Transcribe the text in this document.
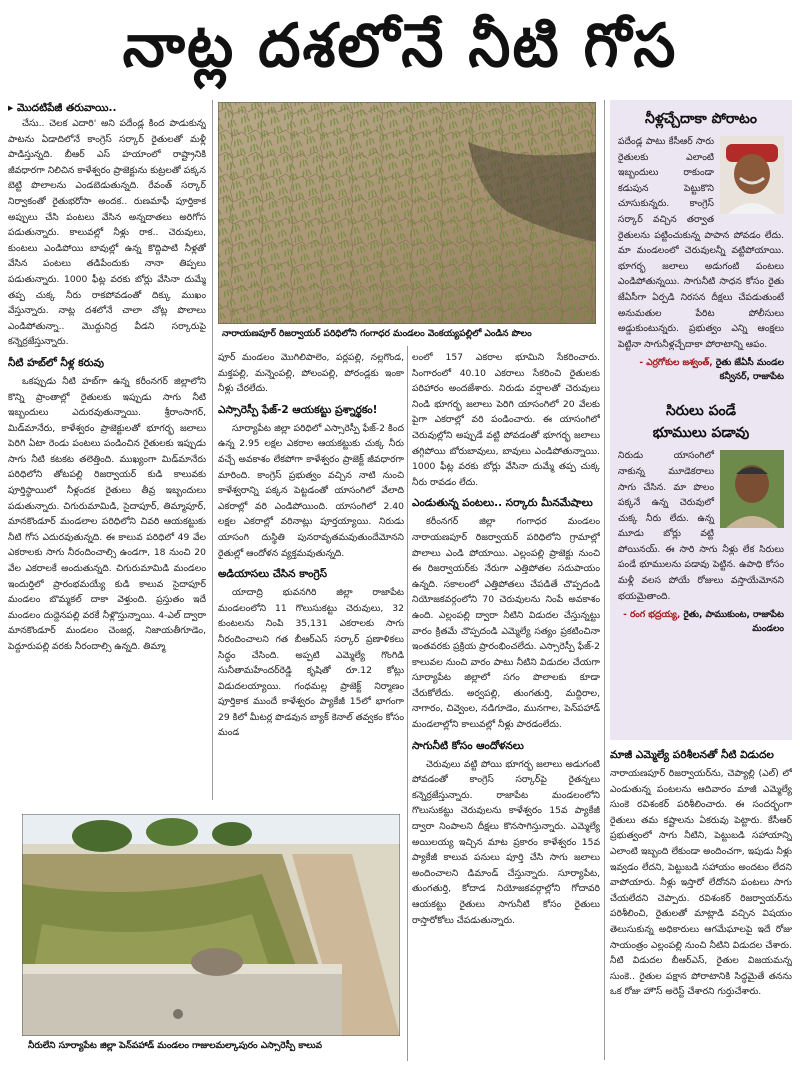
నాట్ల దశలోనే నీటి గోస
▸ మొదటిపేజీ తరువాయి..

చేసు.. చెలక ఎదారి' అని పదేండ్ల కింద పాడుకున్న పాటను ఏడాదిలోనే కాంగ్రెస్ సర్కార్ రైతులతో మళ్లీ పాడిస్తున్నది. బీఆర్ ఎస్ హయాంలో రాష్ట్రానికి జీవధారగా నిలిచిన కాళేశ్వరం ప్రాజెక్టును కుట్రలతో పక్కన బెట్టి పొలాలను ఎండబెడుతున్నది. రేవంత్ సర్కార్ నిర్వాకంతో రైతుభరోసా అందక.. రుణమాఫీ పూర్తికాక అప్పులు చేసి పంటలు వేసిన అన్నదాతలు అరిగోస పడుతున్నారు. కాలువల్లో నీళ్లు రాక.. చెరువులు, కుంటలు ఎండిపోయి బావుల్లో ఉన్న కొద్దిపాటి నీళ్లతో వేసిన పంటలు తడిపేందుకు నానా తిప్పలు పడుతున్నారు. 1000 ఫీట్ల వరకు బోర్లు వేసినా దుమ్మే తప్ప చుక్క నీరు రాకపోవడంతో దిక్కు ముఖం వేస్తున్నారు. నాట్ల దశలోనే చాలా చోట్ల పొలాలు ఎండిపోతున్నా.. మొద్దునిద్ర వీడని సర్కారుపై కన్నెర్రజేస్తున్నారు.

నీటి హబ్‌లో నీళ్ల కరువు

ఒకప్పుడు నీటి హబ్‌గా ఉన్న కరీంనగర్ జిల్లాలోని కొన్ని ప్రాంతాల్లో రైతులకు ఇప్పుడు సాగు నీటి ఇబ్బందులు ఎదురవుతున్నాయి. శ్రీరాంసాగర్, మిడ్‌మానేరు, కాళేశ్వరం ప్రాజెక్టులతో భూగర్భ జలాలు పెరిగి ఏటా రెండు పంటలు పండించిన రైతులకు ఇప్పుడు సాగు నీటి కటకట తలెత్తింది. ముఖ్యంగా మిడ్‌మానేరు పరిధిలోని తోటపల్లి రిజర్వాయర్ కుడి కాలువకు పూర్తిస్థాయిలో నీళ్లందక రైతులు తీవ్ర ఇబ్బందులు పడుతున్నారు. చిగురుమామిడి, సైదాపూర్, తిమ్మాపూర్, మానకొండూర్ మండలాల పరిధిలోని చివరి ఆయకట్టుకు నీటి గోస ఎదురవుతున్నది. ఈ కాలువ పరిధిలో 49 వేల ఎకరాలకు సాగు నీరందించాల్సి ఉండగా, 18 నుంచి 20 వేల ఎకరాలకే అందుతున్నది. చిగురుమామిడి మండలం ఇందుర్తిలో ప్రారంభమయ్యే కుడి కాలువ సైదాపూర్ మండలం బొమ్మకల్ దాకా వెళ్తుంది. ప్రస్తుతం ఇదే మండలం దుద్దెనపల్లి వరకే నీళ్లొస్తున్నాయి. 4-ఎల్ ద్వారా మానకొండూర్ మండలం చెంజర్ల, నిజాయతీగూడెం, పెద్దూరుపల్లి వరకు నీరందాల్సి ఉన్నది. తిమ్మా

నారాయణపూర్ రిజర్వాయర్ పరిధిలోని గంగాధర మండలం వెంకయ్యపల్లిలో ఎండిన పొలం

పూర్ మండలం మొగిలిపాలెం, పర్లపల్లి, నల్లగొండ, మక్తపల్లి, మన్నెంపల్లి, పోలంపల్లి, పోరండ్లకు ఇంకా నీళ్లు చేరలేదు.

ఎస్సారెస్పీ ఫేజ్-2 ఆయకట్టు ప్రశ్నార్థకం!

సూర్యాపేట జిల్లా పరిధిలో ఎస్సారెస్పీ ఫేజ్-2 కింద ఉన్న 2.95 లక్షల ఎకరాల ఆయకట్టుకు చుక్క నీరు వచ్చే అవకాశం లేకపోగా కాళేశ్వరం ప్రాజెక్ట్ జీవధారగా మారింది. కాంగ్రెస్ ప్రభుత్వం వచ్చిన నాటి నుంచి కాళేశ్వరాన్ని పక్కన పెట్టడంతో యాసంగిలో వేలాది ఎకరాల్లో వరి ఎండిపోయింది. యాసంగిలో 2.40 లక్షల ఎకరాల్లో వరినాట్లు పూర్తయ్యాయి. నిరుడు యాసంగి దుస్థితి పునరావృతమవుతుందేమోనని రైతుల్లో ఆందోళన వ్యక్తమవుతున్నది.

అడియాసలు చేసిన కాంగ్రెస్

యాదాద్రి భువనగిరి జిల్లా రాజాపేట మండలంలోని 11 గొలుసుకట్టు చెరువులు, 32 కుంటలను నింపి 35,131 ఎకరాలకు సాగు నీరందించాలని గత బీఆర్ఎస్ సర్కార్ ప్రణాళికలు సిద్ధం చేసింది. అప్పటి ఎమ్మెల్యే గొంగిడి సునీతామహేందర్‌రెడ్డి కృషితో రూ.12 కోట్లు విడుదలయ్యాయి. గంధమల్ల ప్రాజెక్ట్ నిర్మాణం పూర్తికాక ముందే కాళేశ్వరం ప్యాకేజీ 15లో భాగంగా 29 కిలో మీటర్ల పొడవున బ్యాక్ కెనాల్ తవ్వకం కోసం మండ

లంలో 157 ఎకరాల భూమిని సేకరించారు. సింగారంలో 40.10 ఎకరాలు సేకరించి రైతులకు పరిహారం అందజేశారు. నిరుడు వర్షాలతో చెరువులు నిండి భూగర్భ జలాలు పెరిగి యాసంగిలో 20 వేలకు పైగా ఎకరాల్లో వరి పండించారు. ఈ యాసంగిలో చెరువుల్లోని అప్పుడే వట్టి పోవడంతో భూగర్భ జలాలు తగ్గిపోయి బోరుబావులు, బావులు ఎండిపోతున్నాయి. 1000 ఫీట్ల వరకు బోర్లు వేసినా దుమ్మే తప్ప చుక్క నీరు రావడం లేదు.

ఎండుతున్న పంటలు.. సర్కారు మీనమేషాలు

కరీంనగర్ జిల్లా గంగాధర మండలం నారాయణపూర్ రిజర్వాయర్ పరిధిలోని గ్రామాల్లో పొలాలు ఎండి పోయాయి. ఎల్లంపల్లి ప్రాజెక్టు నుంచి ఈ రిజర్వాయర్‌కు నేరుగా ఎత్తిపోతల సదుపాయం ఉన్నది. సకాలంలో ఎత్తిపోతలు చేపడితే చొప్పదండి నియోజకవర్గంలోని 70 చెరువులను నింపే అవకాశం ఉంది. ఎల్లంపల్లి ద్వారా నీటిని విడుదల చేస్తున్నట్టు వారం క్రితమే చొప్పదండి ఎమ్మెల్యే సత్యం ప్రకటించినా ఇంతవరకు ప్రక్రియ ప్రారంభించలేదు. ఎస్సారెస్పీ ఫేజ్-2 కాలువల నుంచి వారం పాటు నీటిని విడుదల చేయగా సూర్యాపేట జిల్లాలో సగం పొలాలకు కూడా చేరుకోలేదు. అర్వపల్లి, తుంగతుర్తి, మద్దిరాల, నాగారం, చివ్వెంల, నడిగూడెం, మునగాల, పెన్‌పహాడ్ మండలాల్లోని కాలువల్లో నీళ్లు పారడంలేదు.

సాగునీటి కోసం ఆందోళనలు

చెరువులు వట్టి పోయి భూగర్భ జలాలు అడుగంటి పోవడంతో కాంగ్రెస్ సర్కార్‌పై రైతన్నలు కన్నెర్రజేస్తున్నారు. రాజాపేట మండలంలోని గొలుసుకట్టు చెరువులను కాళేశ్వరం 15వ ప్యాకేజీ ద్వారా నింపాలని దీక్షలు కొనసాగిస్తున్నారు. ఎమ్మెల్యే అయిలయ్య ఇచ్చిన మాట ప్రకారం కాళేశ్వరం 15వ ప్యాకేజీ కాలువ పనులు పూర్తి చేసి సాగు జలాలు అందించాలని డిమాండ్ చేస్తున్నారు. సూర్యాపేట, తుంగతుర్తి, కోదాడ నియోజకవర్గాల్లోని గోదావరి ఆయకట్టు రైతులు సాగునీటి కోసం రైతులు రాస్తారోకోలు చేపడుతున్నారు.

నీరులేని సూర్యాపేట జిల్లా పెన్‌పహాడ్ మండలం గాజులమల్కాపురం ఎస్సారెస్పీ కాలువ
నీళ్లచ్చేదాకా పోరాటం
పదేండ్ల పాటు కేసీఆర్ సారు రైతులకు ఎలాంటి ఇబ్బందులు రాకుండా కడుపున పెట్టుకొని చూసుకున్నరు. కాంగ్రెస్ సర్కార్ వచ్చిన తర్వాత రైతులను పట్టించుకున్న పాపాన పోవడం లేదు. మా మండలంలో చెరువులన్నీ వట్టిపోయాయి. భూగర్భ జలాలు అడుగంటి పంటలు ఎండిపోతున్నయి. సాగునీటి సాధన కోసం రైతు జేఏసీగా ఏర్పడి నిరసన దీక్షలు చేపడుతుంటే అనుమతుల పేరిట పోలీసులు అడ్డుకుంటున్నరు. ప్రభుత్వం ఎన్ని ఆంక్షలు పెట్టినా సాగునీళ్లచ్చేదాకా పోరాటాన్ని ఆపం.
- ఎర్రగోకుల జశ్వంత్, రైతు జేఏసీ మండల కన్వీనర్, రాజాపేట
సిరులు పండే
భూములు పడావు
నిరుడు యాసంగిలో నాకున్న మూడెకరాలు సాగు చేసిన. మా పొలం పక్కనే ఉన్న చెరువులో చుక్క నీరు లేదు. ఉన్న మూడు బోర్లు వట్టి పోయినయ్. ఈ సారి సాగు నీళ్లు లేక సిరులు పండే భూములను పడావు పెట్టిన. ఉపాధి కోసం మళ్లీ వలస పోయే రోజులు వస్తాయేమోనని భయమైతాంది.
- రంగ భద్రయ్య, రైతు, పాముకుంట, రాజాపేట మండలం
మాజీ ఎమ్మెల్యే పరిశీలనతో నీటి విడుదల

నారాయణపూర్ రిజర్వాయర్‌ను, చెప్యాల్లి (ఎల్) లో ఎండుతున్న పంటలను ఆదివారం మాజీ ఎమ్మెల్యే సుంకె రవిశంకర్ పరిశీలించారు. ఈ సందర్భంగా రైతులు తమ కష్టాలను ఏకరువు పెట్టారు. కేసీఆర్ ప్రభుత్వంలో సాగు నీటిని, పెట్టుబడి సహాయాన్ని ఎలాంటి ఇబ్బంది లేకుండా అందించగా, ఇపుడు నీళ్లు ఇవ్వడం లేదని, పెట్టుబడి సహాయం అందటం లేదని వాపోయారు. నీళ్లు ఇస్తారో లేదోనని పంటలు సాగు చేయలేదని చెప్పారు. రవిశంకర్ రిజర్వాయర్‌ను పరిశీలించి, రైతులతో మాట్లాడి వచ్చిన విషయం తెలుసుకున్న అధికారులు ఆగమేఘాలపై ఇదే రోజు సాయంత్రం ఎల్లంపల్లి నుంచి నీటిని విడుదల చేశారు. నీటి విడుదల బీఆర్ఎస్, రైతుల విజయమన్న సుంకె.. రైతుల పక్షాన పోరాటానికి సిద్ధమైతే తనను ఒక రోజు హౌస్ అరెస్ట్ చేశారని గుర్తుచేశారు.
